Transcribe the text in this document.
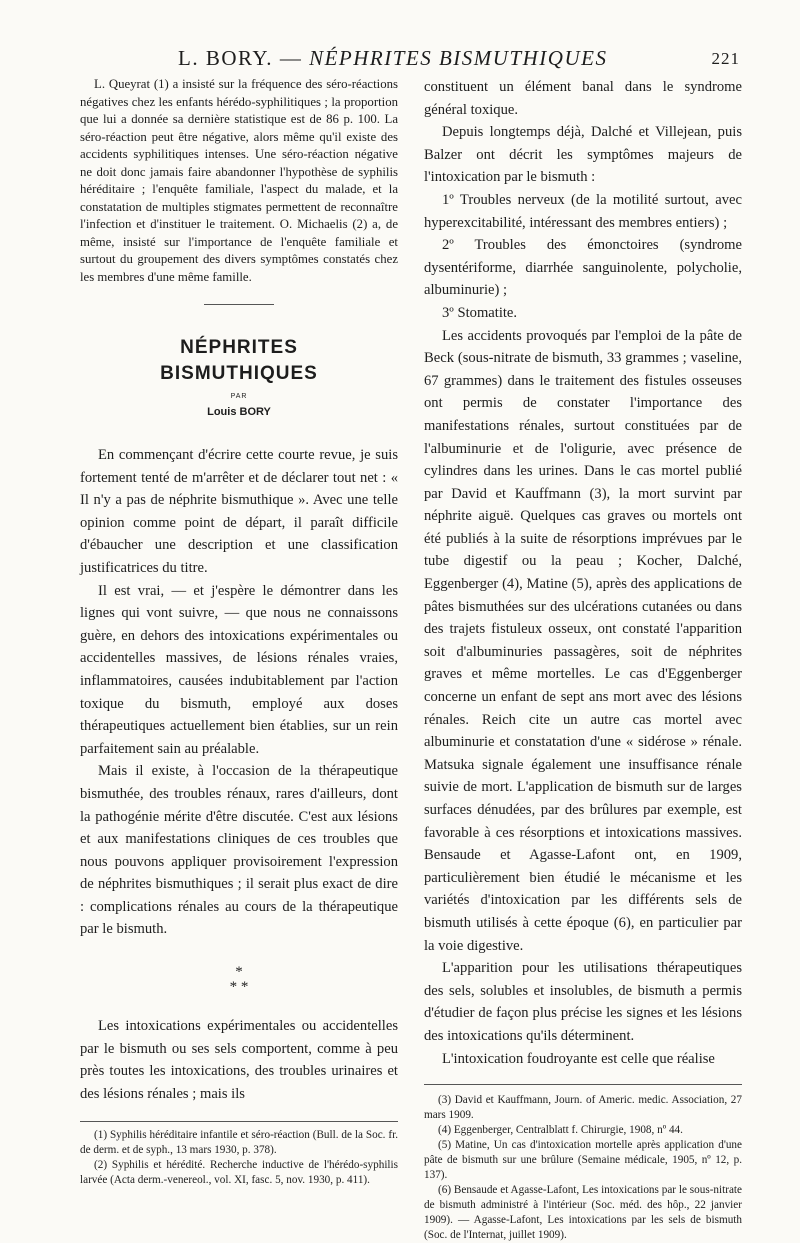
L. BORY. — NÉPHRITES BISMUTHIQUES	221

L. Queyrat (1) a insisté sur la fréquence des séro-réactions négatives chez les enfants hérédo-syphilitiques ; la proportion que lui a donnée sa dernière statistique est de 86 p. 100. La séro-réaction peut être négative, alors même qu'il existe des accidents syphilitiques intenses. Une séro-réaction négative ne doit donc jamais faire abandonner l'hypothèse de syphilis héréditaire ; l'enquête familiale, l'aspect du malade, et la constatation de multiples stigmates permettent de reconnaître l'infection et d'instituer le traitement. O. Michaelis (2) a, de même, insisté sur l'importance de l'enquête familiale et surtout du groupement des divers symptômes constatés chez les membres d'une même famille.

NÉPHRITES
BISMUTHIQUES
PAR
Louis BORY

En commençant d'écrire cette courte revue, je suis fortement tenté de m'arrêter et de déclarer tout net : « Il n'y a pas de néphrite bismuthique ». Avec une telle opinion comme point de départ, il paraît difficile d'ébaucher une description et une classification justificatrices du titre.

Il est vrai, — et j'espère le démontrer dans les lignes qui vont suivre, — que nous ne connaissons guère, en dehors des intoxications expérimentales ou accidentelles massives, de lésions rénales vraies, inflammatoires, causées indubitablement par l'action toxique du bismuth, employé aux doses thérapeutiques actuellement bien établies, sur un rein parfaitement sain au préalable.

Mais il existe, à l'occasion de la thérapeutique bismuthée, des troubles rénaux, rares d'ailleurs, dont la pathogénie mérite d'être discutée. C'est aux lésions et aux manifestations cliniques de ces troubles que nous pouvons appliquer provisoirement l'expression de néphrites bismuthiques ; il serait plus exact de dire : complications rénales au cours de la thérapeutique par le bismuth.

*
* *

Les intoxications expérimentales ou accidentelles par le bismuth ou ses sels comportent, comme à peu près toutes les intoxications, des troubles urinaires et des lésions rénales ; mais ils

(1) Syphilis héréditaire infantile et séro-réaction (Bull. de la Soc. fr. de derm. et de syph., 13 mars 1930, p. 378).

(2) Syphilis et hérédité. Recherche inductive de l'hérédo-syphilis larvée (Acta derm.-venerеol., vol. XI, fasc. 5, nov. 1930, p. 411).

constituent un élément banal dans le syndrome général toxique.

Depuis longtemps déjà, Dalché et Villejean, puis Balzer ont décrit les symptômes majeurs de l'intoxication par le bismuth :

1º Troubles nerveux (de la motilité surtout, avec hyperexcitabilité, intéressant des membres entiers) ;

2º Troubles des émonctoires (syndrome dysentériforme, diarrhée sanguinolente, polycholie, albuminurie) ;

3º Stomatite.

Les accidents provoqués par l'emploi de la pâte de Beck (sous-nitrate de bismuth, 33 grammes ; vaseline, 67 grammes) dans le traitement des fistules osseuses ont permis de constater l'importance des manifestations rénales, surtout constituées par de l'albuminurie et de l'oligurie, avec présence de cylindres dans les urines. Dans le cas mortel publié par David et Kauffmann (3), la mort survint par néphrite aiguë. Quelques cas graves ou mortels ont été publiés à la suite de résorptions imprévues par le tube digestif ou la peau ; Kocher, Dalché, Eggenberger (4), Matine (5), après des applications de pâtes bismuthées sur des ulcérations cutanées ou dans des trajets fistuleux osseux, ont constaté l'apparition soit d'albuminuries passagères, soit de néphrites graves et même mortelles. Le cas d'Eggenberger concerne un enfant de sept ans mort avec des lésions rénales. Reich cite un autre cas mortel avec albuminurie et constatation d'une « sidérose » rénale. Matsuka signale également une insuffisance rénale suivie de mort. L'application de bismuth sur de larges surfaces dénudées, par des brûlures par exemple, est favorable à ces résorptions et intoxications massives. Bensaude et Agasse-Lafont ont, en 1909, particulièrement bien étudié le mécanisme et les variétés d'intoxication par les différents sels de bismuth utilisés à cette époque (6), en particulier par la voie digestive.

L'apparition pour les utilisations thérapeutiques des sels, solubles et insolubles, de bismuth a permis d'étudier de façon plus précise les signes et les lésions des intoxications qu'ils déterminent.

L'intoxication foudroyante est celle que réalise

(3) David et Kauffmann, Journ. of Americ. medic. Association, 27 mars 1909.

(4) Eggenberger, Centralblatt f. Chirurgie, 1908, nº 44.

(5) Matine, Un cas d'intoxication mortelle après application d'une pâte de bismuth sur une brûlure (Semaine médicale, 1905, nº 12, p. 137).

(6) Bensaude et Agasse-Lafont, Les intoxications par le sous-nitrate de bismuth administré à l'intérieur (Soc. méd. des hôp., 22 janvier 1909). — Agasse-Lafont, Les intoxications par les sels de bismuth (Soc. de l'Internat, juillet 1909).
